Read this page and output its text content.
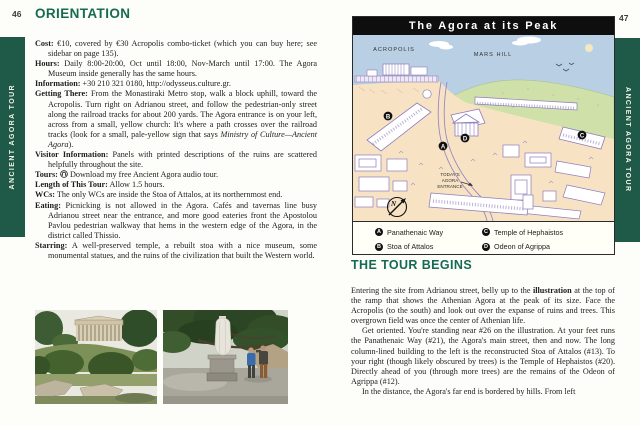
46 ORIENTATION
ANCIENT AGORA TOUR
Cost: €10, covered by €30 Acropolis combo-ticket (which you can buy here; see sidebar on page 135).
Hours: Daily 8:00-20:00, Oct until 18:00, Nov-March until 17:00. The Agora Museum inside generally has the same hours.
Information: +30 210 321 0180, http://odysseus.culture.gr.
Getting There: From the Monastiraki Metro stop, walk a block uphill, toward the Acropolis. Turn right on Adrianou street, and follow the pedestrian-only street along the railroad tracks for about 200 yards. The Agora entrance is on your left, across from a small, yellow church: It's where a path crosses over the railroad tracks (look for a small, pale-yellow sign that says Ministry of Culture—Ancient Agora).
Visitor Information: Panels with printed descriptions of the ruins are scattered helpfully throughout the site.
Tours: Download my free Ancient Agora audio tour.
Length of This Tour: Allow 1.5 hours.
WCs: The only WCs are inside the Stoa of Attalos, at its northernmost end.
Eating: Picnicking is not allowed in the Agora. Cafés and tavernas line busy Adrianou street near the entrance, and more good eateries front the Apostolou Pavlou pedestrian walkway that hems in the western edge of the Agora, in the district called Thissio.
Starring: A well-preserved temple, a rebuilt stoa with a nice museum, some monumental statues, and the ruins of the civilization that built the Western world.
47
ANCIENT AGORA TOUR
The Agora at its Peak
ACROPOLIS
MARS HILL
TODAY'S
AGORA
ENTRANCE
A
B
C
D
N
A Panathenaic Way	C Temple of Hephaistos
B Stoa of Attalos	D Odeon of Agrippa
THE TOUR BEGINS

Entering the site from Adrianou street, belly up to the illustration at the top of the ramp that shows the Athenian Agora at the peak of its size. Face the Acropolis (to the south) and look out over the expanse of ruins and trees. This overgrown field was once the center of Athenian life.

Get oriented. You're standing near #26 on the illustration. At your feet runs the Panathenaic Way (#21), the Agora's main street, then and now. The long column-lined building to the left is the reconstructed Stoa of Attalos (#13). To your right (though likely obscured by trees) is the Temple of Hephaistos (#20). Directly ahead of you (through more trees) are the remains of the Odeon of Agrippa (#12).

In the distance, the Agora's far end is bordered by hills. From left
